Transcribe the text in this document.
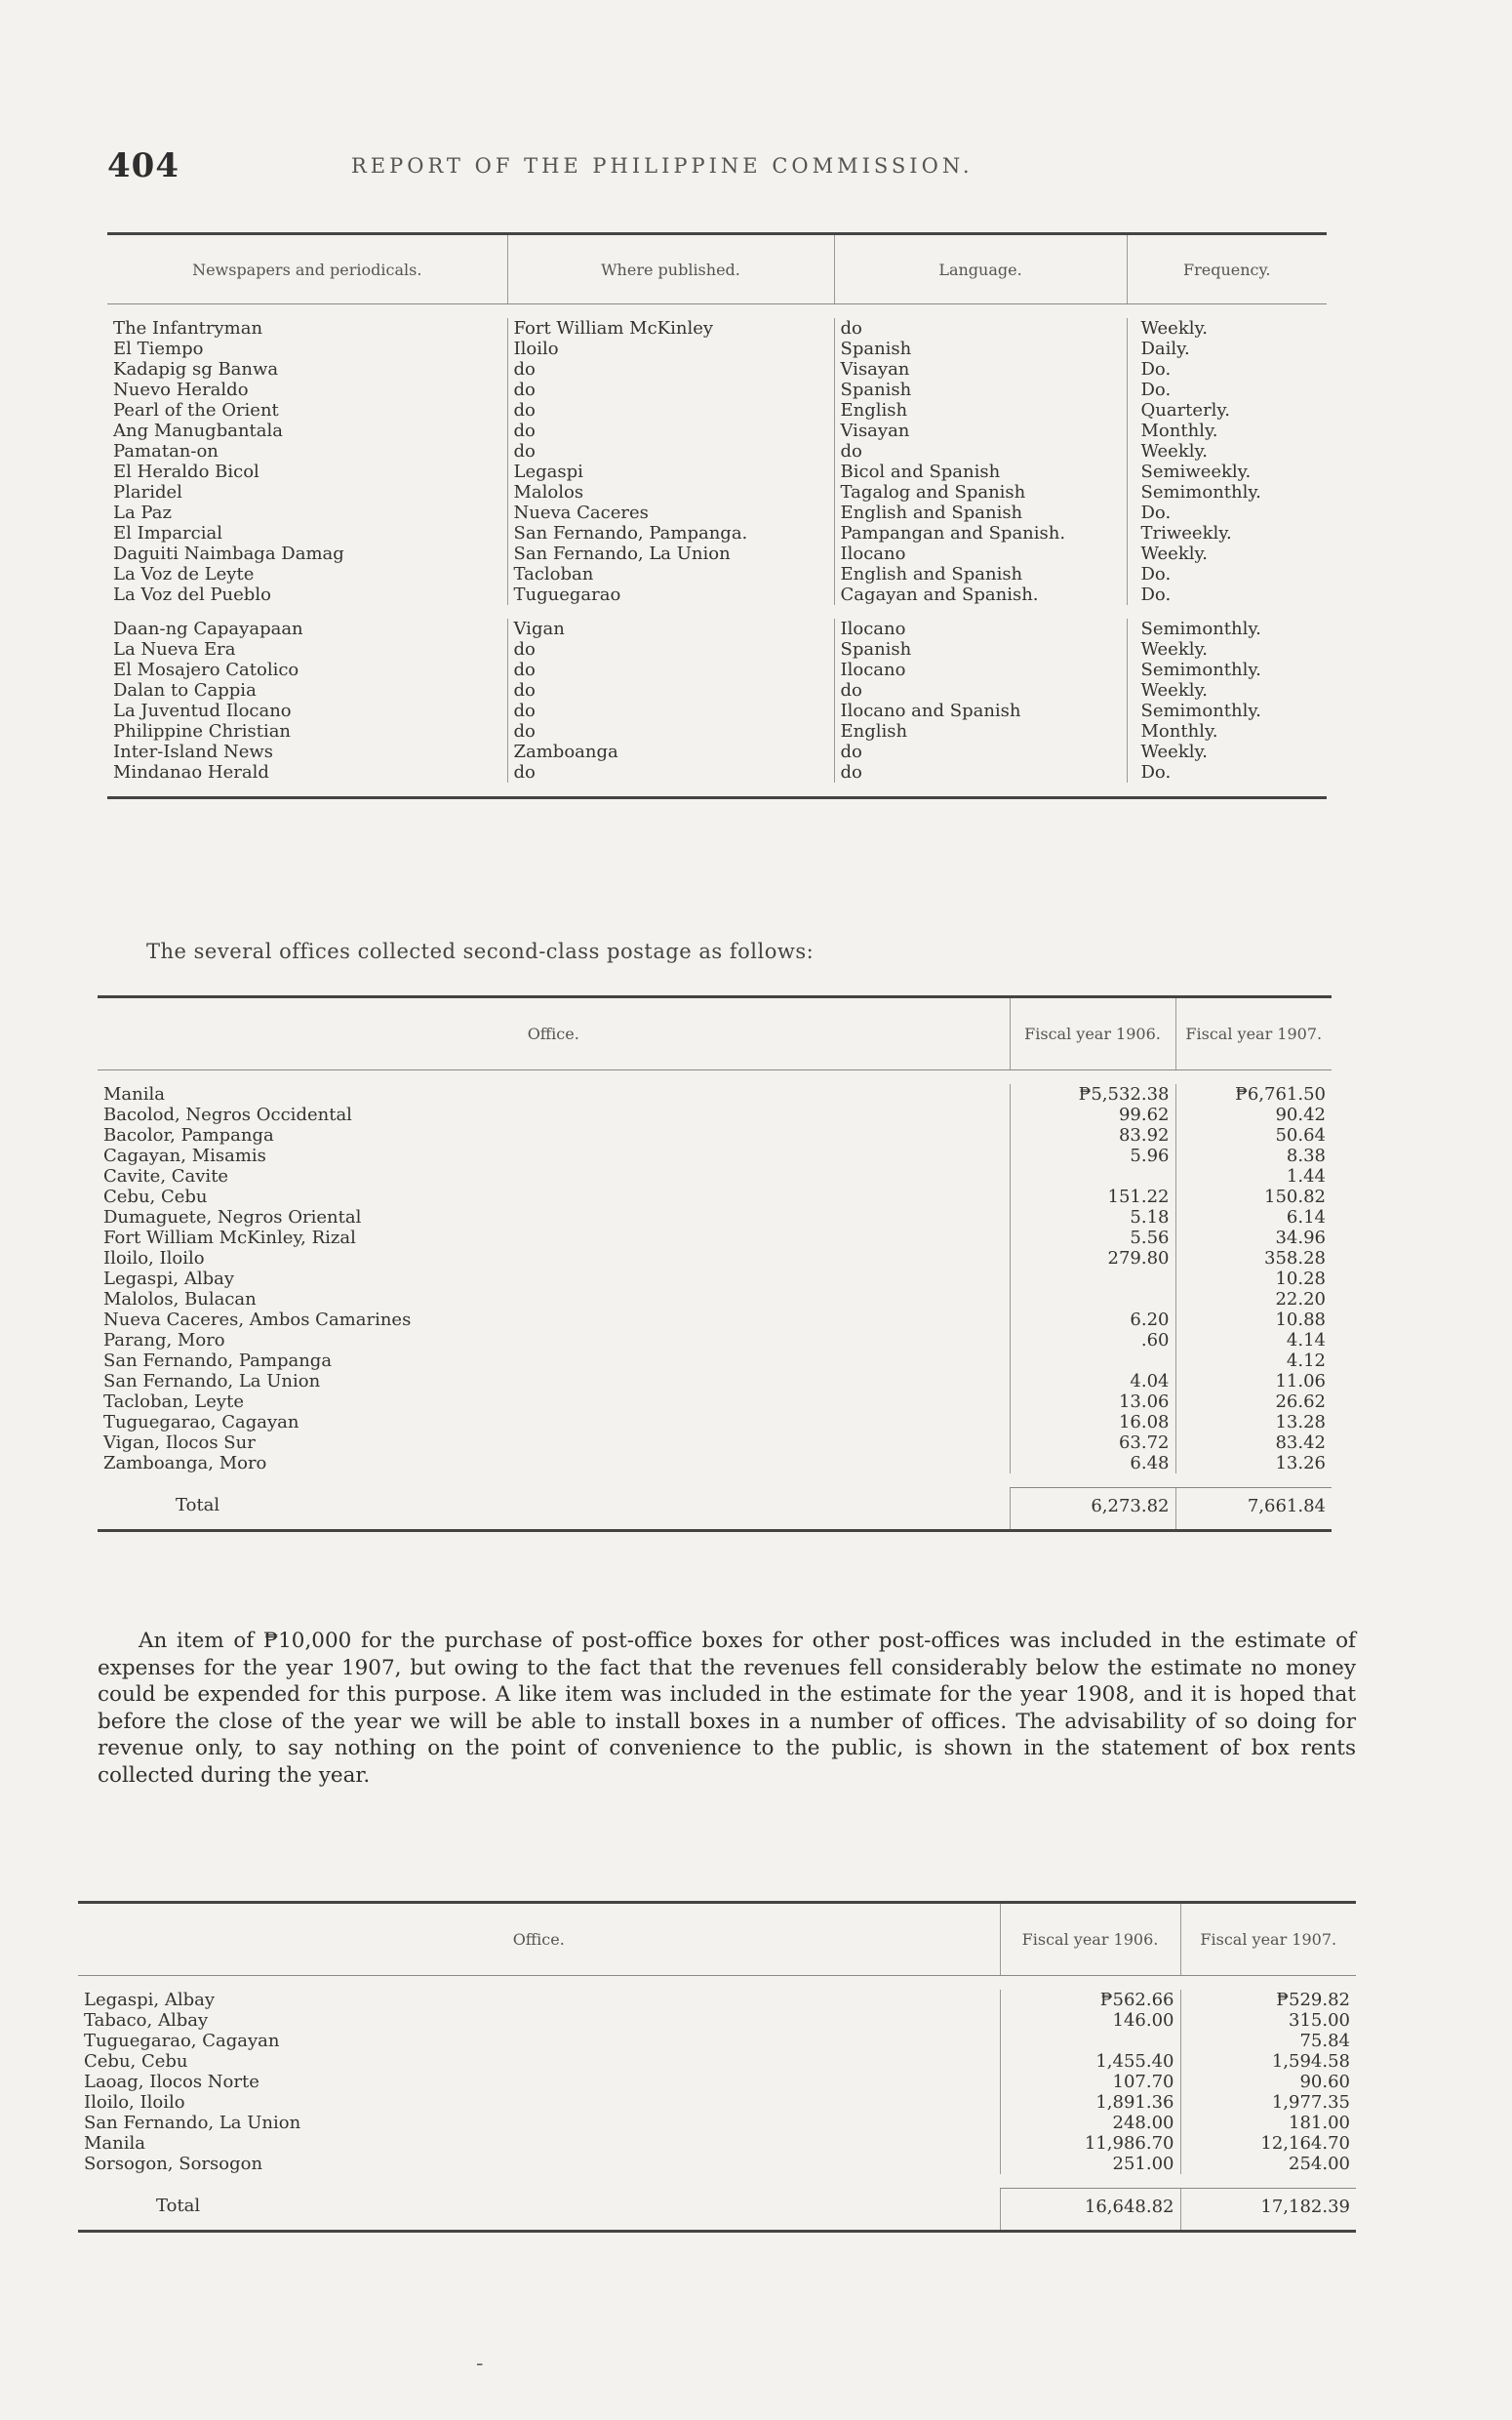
404	REPORT OF THE PHILIPPINE COMMISSION.
Newspapers and periodicals.	Where published.	Language.	Frequency.

The Infantryman	Fort William McKinley	do	Weekly.
El Tiempo	Iloilo	Spanish	Daily.
Kadapig sg Banwa	do	Visayan	Do.
Nuevo Heraldo	do	Spanish	Do.
Pearl of the Orient	do	English	Quarterly.
Ang Manugbantala	do	Visayan	Monthly.
Pamatan-on	do	do	Weekly.
El Heraldo Bicol	Legaspi	Bicol and Spanish	Semiweekly.
Plaridel	Malolos	Tagalog and Spanish	Semimonthly.
La Paz	Nueva Caceres	English and Spanish	Do.
El Imparcial	San Fernando, Pampanga.	Pampangan and Spanish.	Triweekly.
Daguiti Naimbaga Damag	San Fernando, La Union	Ilocano	Weekly.
La Voz de Leyte	Tacloban	English and Spanish	Do.
La Voz del Pueblo	Tuguegarao	Cagayan and Spanish.	Do.

Daan-ng Capayapaan	Vigan	Ilocano	Semimonthly.
La Nueva Era	do	Spanish	Weekly.
El Mosajero Catolico	do	Ilocano	Semimonthly.
Dalan to Cappia	do	do	Weekly.
La Juventud Ilocano	do	Ilocano and Spanish	Semimonthly.
Philippine Christian	do	English	Monthly.
Inter-Island News	Zamboanga	do	Weekly.
Mindanao Herald	do	do	Do.

The several offices collected second-class postage as follows:
Office.	Fiscal year 1906.	Fiscal year 1907.

Manila	₱5,532.38	₱6,761.50
Bacolod, Negros Occidental	99.62	90.42
Bacolor, Pampanga	83.92	50.64
Cagayan, Misamis	5.96	8.38
Cavite, Cavite		1.44
Cebu, Cebu	151.22	150.82
Dumaguete, Negros Oriental	5.18	6.14
Fort William McKinley, Rizal	5.56	34.96
Iloilo, Iloilo	279.80	358.28
Legaspi, Albay		10.28
Malolos, Bulacan		22.20
Nueva Caceres, Ambos Camarines	6.20	10.88
Parang, Moro	.60	4.14
San Fernando, Pampanga		4.12
San Fernando, La Union	4.04	11.06
Tacloban, Leyte	13.06	26.62
Tuguegarao, Cagayan	16.08	13.28
Vigan, Ilocos Sur	63.72	83.42
Zamboanga, Moro	6.48	13.26

Total	6,273.82	7,661.84
An item of ₱10,000 for the purchase of post-office boxes for other post-offices was included in the estimate of expenses for the year 1907, but owing to the fact that the revenues fell considerably below the estimate no money could be expended for this purpose. A like item was included in the estimate for the year 1908, and it is hoped that before the close of the year we will be able to install boxes in a number of offices. The advisability of so doing for revenue only, to say nothing on the point of convenience to the public, is shown in the statement of box rents collected during the year.
Office.	Fiscal year 1906.	Fiscal year 1907.

Legaspi, Albay	₱562.66	₱529.82
Tabaco, Albay	146.00	315.00
Tuguegarao, Cagayan		75.84
Cebu, Cebu	1,455.40	1,594.58
Laoag, Ilocos Norte	107.70	90.60
Iloilo, Iloilo	1,891.36	1,977.35
San Fernando, La Union	248.00	181.00
Manila	11,986.70	12,164.70
Sorsogon, Sorsogon	251.00	254.00

Total	16,648.82	17,182.39
-
